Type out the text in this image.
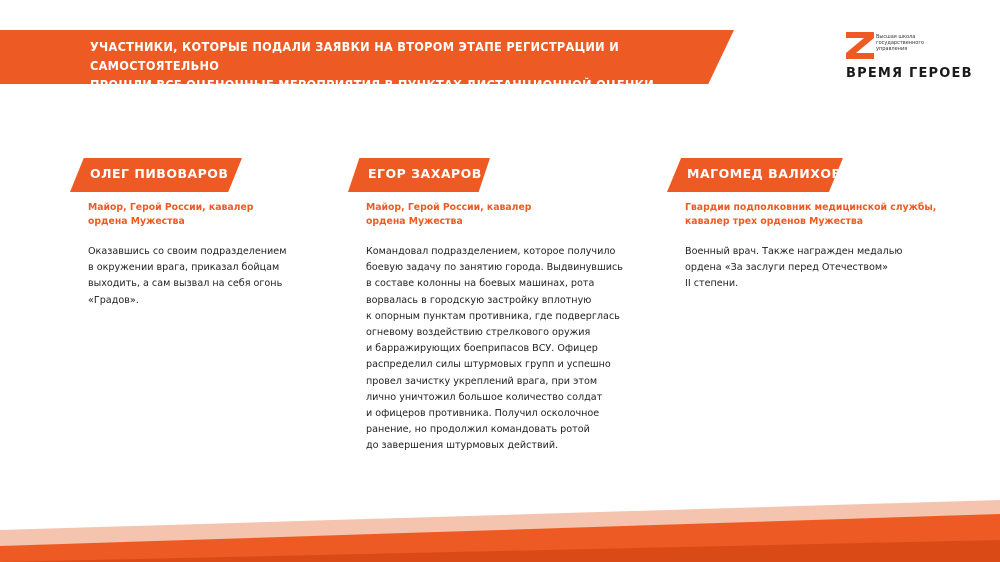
УЧАСТНИКИ, КОТОРЫЕ ПОДАЛИ ЗАЯВКИ НА ВТОРОМ ЭТАПЕ РЕГИСТРАЦИИ И САМОСТОЯТЕЛЬНО
ПРОШЛИ ВСЕ ОЦЕНОЧНЫЕ МЕРОПРИЯТИЯ В ПУНКТАХ ДИСТАНЦИОННОЙ ОЦЕНКИ
Высшая школа
государственного
управления
ВРЕМЯ ГЕРОЕВ
ОЛЕГ ПИВОВАРОВ
Майор, Герой России, кавалер
ордена Мужества
Оказавшись со своим подразделением
в окружении врага, приказал бойцам
выходить, а сам вызвал на себя огонь
«Градов».
ЕГОР ЗАХАРОВ
Майор, Герой России, кавалер
ордена Мужества
Командовал подразделением, которое получило
боевую задачу по занятию города. Выдвинувшись
в составе колонны на боевых машинах, рота
ворвалась в городскую застройку вплотную
к опорным пунктам противника, где подверглась
огневому воздействию стрелкового оружия
и барражирующих боеприпасов ВСУ. Офицер
распределил силы штурмовых групп и успешно
провел зачистку укреплений врага, при этом
лично уничтожил большое количество солдат
и офицеров противника. Получил осколочное
ранение, но продолжил командовать ротой
до завершения штурмовых действий.
МАГОМЕД ВАЛИХОВ
Гвардии подполковник медицинской службы,
кавалер трех орденов Мужества
Военный врач. Также награжден медалью
ордена «За заслуги перед Отечеством»
II степени.
